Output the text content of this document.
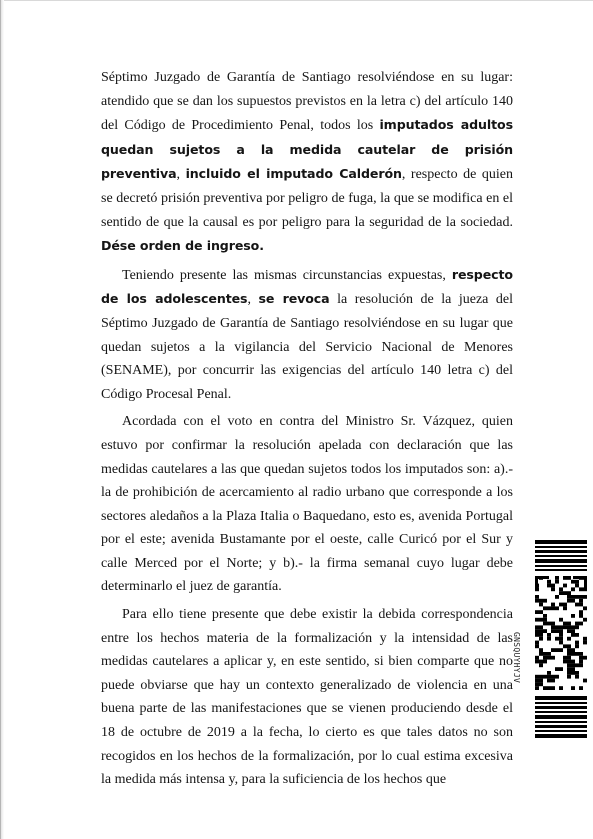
Séptimo Juzgado de Garantía de Santiago resolviéndose en su lugar: atendido que se dan los supuestos previstos en la letra c) del artículo 140 del Código de Procedimiento Penal, todos los imputados adultos quedan sujetos a la medida cautelar de prisión preventiva, incluido el imputado Calderón, respecto de quien se decretó prisión preventiva por peligro de fuga, la que se modifica en el sentido de que la causal es por peligro para la seguridad de la sociedad. Dése orden de ingreso.

Teniendo presente las mismas circunstancias expuestas, respecto de los adolescentes, se revoca la resolución de la jueza del Séptimo Juzgado de Garantía de Santiago resolviéndose en su lugar que quedan sujetos a la vigilancia del Servicio Nacional de Menores (SENAME), por concurrir las exigencias del artículo 140 letra c) del Código Procesal Penal.

Acordada con el voto en contra del Ministro Sr. Vázquez, quien estuvo por confirmar la resolución apelada con declaración que las medidas cautelares a las que quedan sujetos todos los imputados son: a).- la de prohibición de acercamiento al radio urbano que corresponde a los sectores aledaños a la Plaza Italia o Baquedano, esto es, avenida Portugal por el este; avenida Bustamante por el oeste, calle Curicó por el Sur y calle Merced por el Norte; y b).- la firma semanal cuyo lugar debe determinarlo el juez de garantía.

Para ello tiene presente que debe existir la debida correspondencia entre los hechos materia de la formalización y la intensidad de las medidas cautelares a aplicar y, en este sentido, si bien comparte que no puede obviarse que hay un contexto generalizado de violencia en una buena parte de las manifestaciones que se vienen produciendo desde el 18 de octubre de 2019 a la fecha, lo cierto es que tales datos no son recogidos en los hechos de la formalización, por lo cual estima excesiva la medida más intensa y, para la suficiencia de los hechos que

GNSQUYHYJV
